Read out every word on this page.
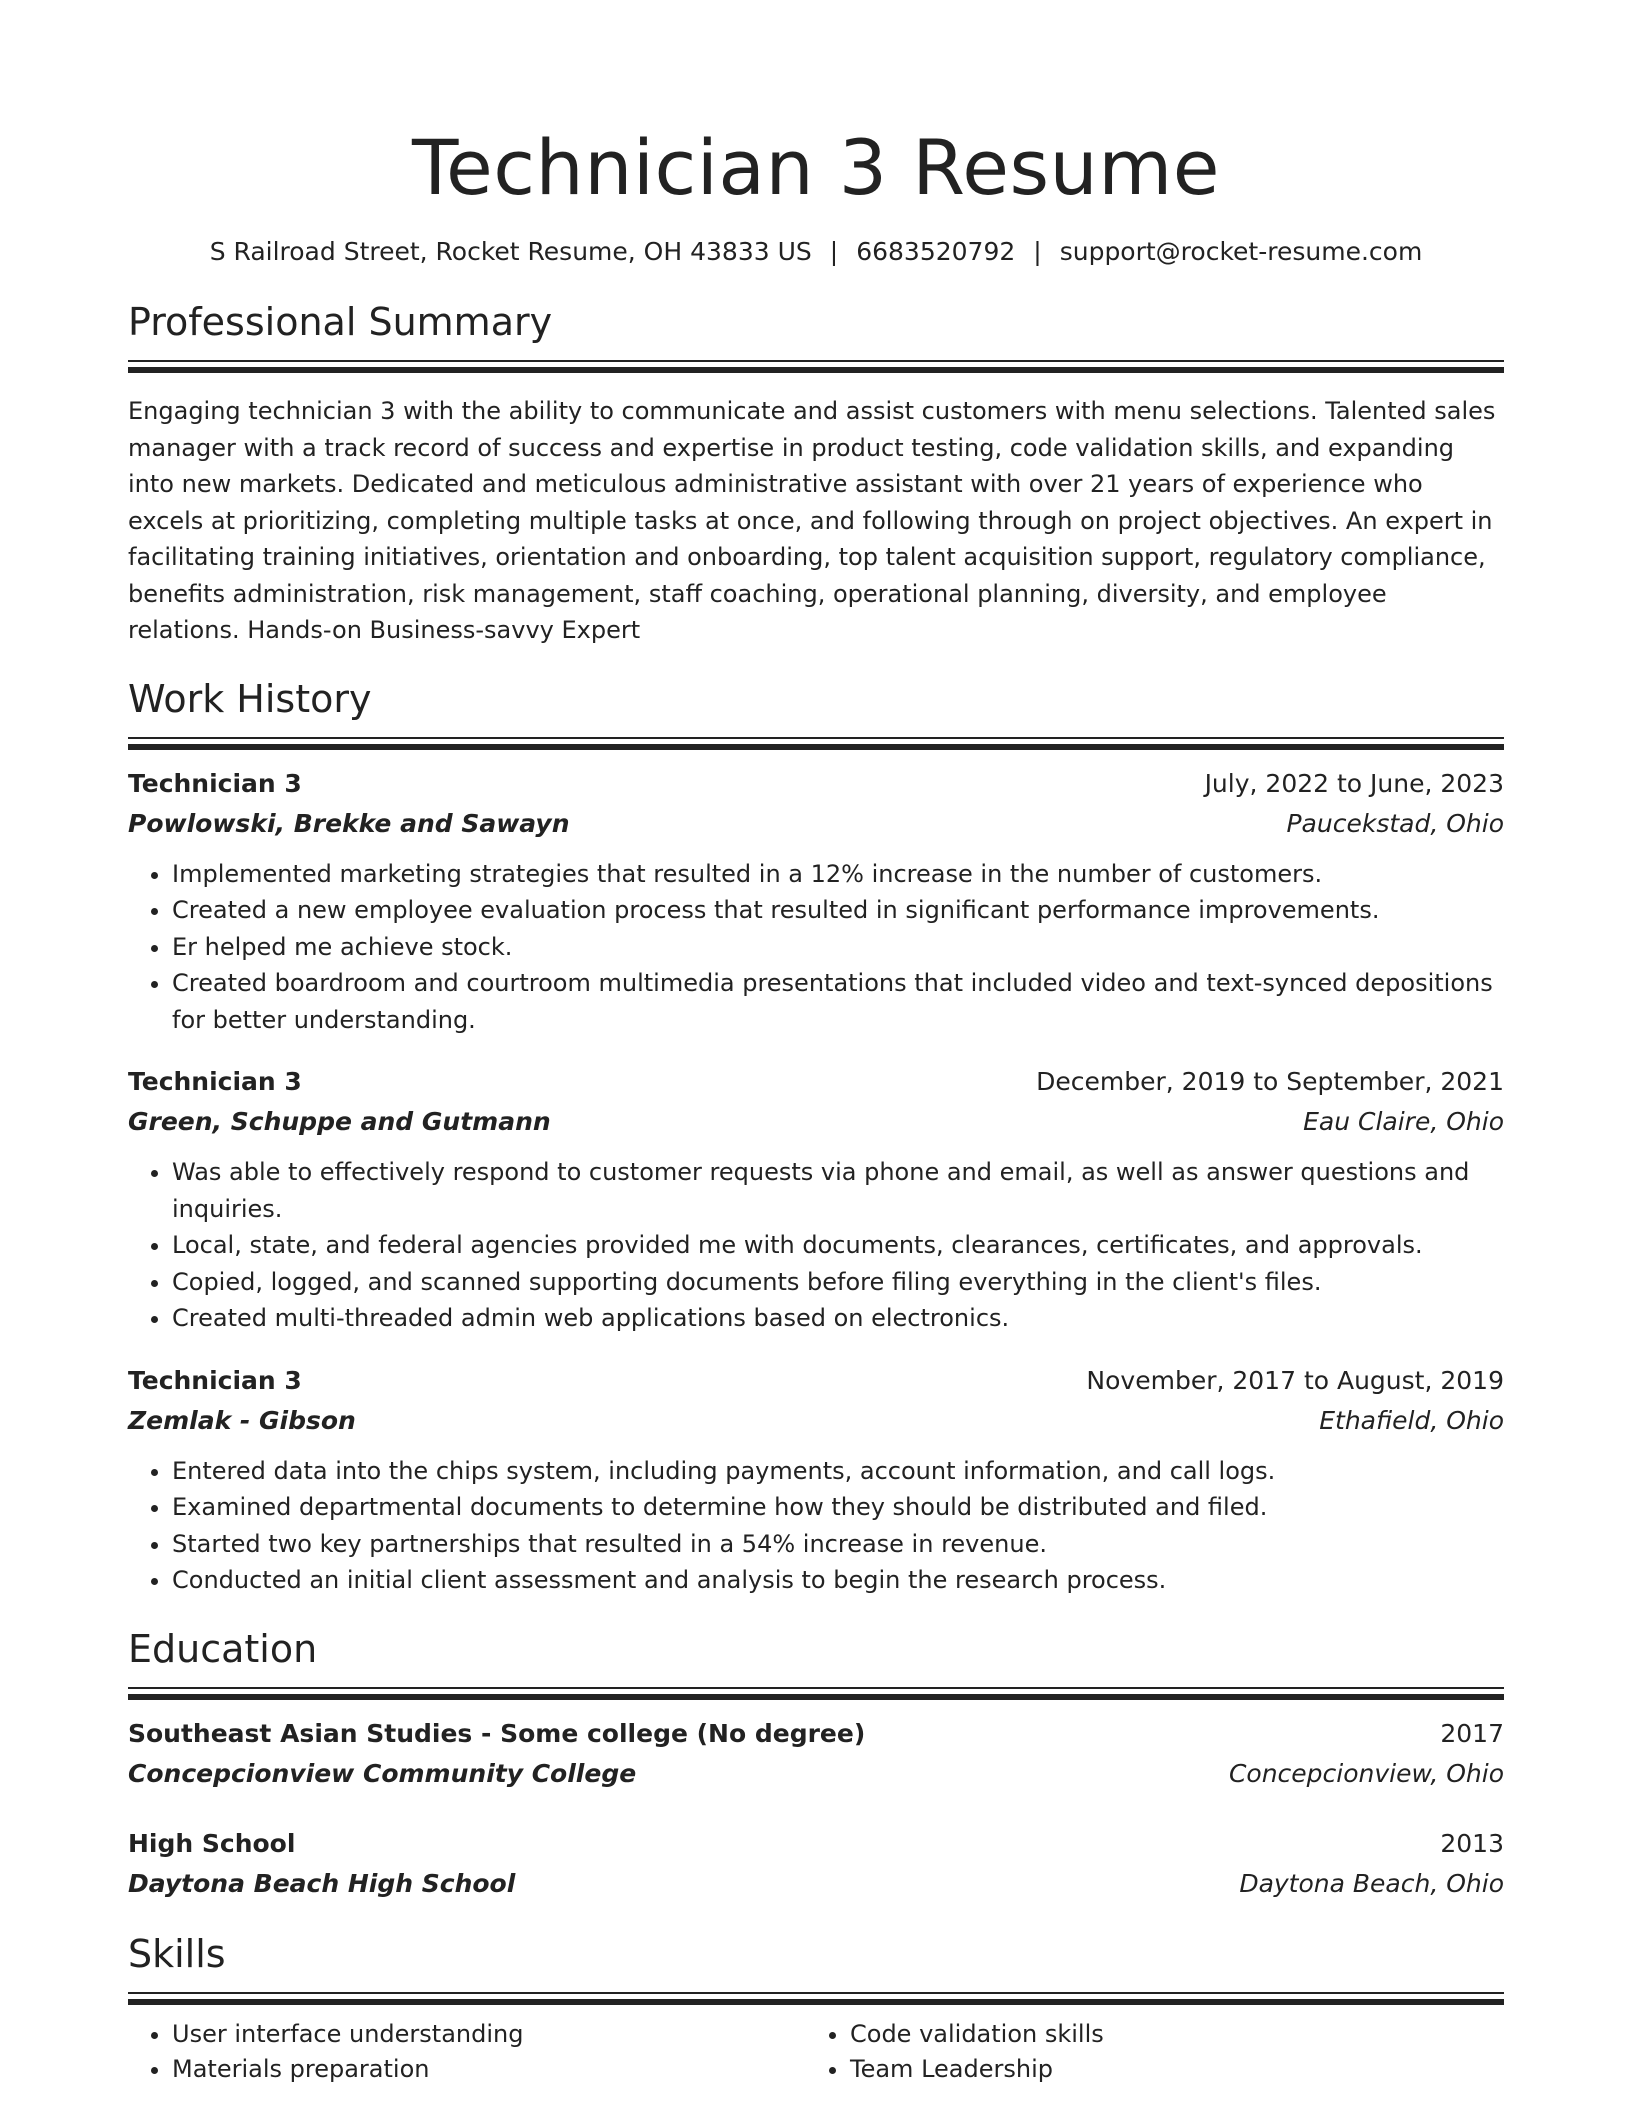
Technician 3 Resume
S Railroad Street, Rocket Resume, OH 43833 US | 6683520792 | support@rocket-resume.com
Professional Summary
Engaging technician 3 with the ability to communicate and assist customers with menu selections. Talented sales manager with a track record of success and expertise in product testing, code validation skills, and expanding into new markets. Dedicated and meticulous administrative assistant with over 21 years of experience who excels at prioritizing, completing multiple tasks at once, and following through on project objectives. An expert in facilitating training initiatives, orientation and onboarding, top talent acquisition support, regulatory compliance, benefits administration, risk management, staff coaching, operational planning, diversity, and employee relations. Hands-on Business-savvy Expert
Work History
Technician 3	July, 2022 to June, 2023
Powlowski, Brekke and Sawayn	Paucekstad, Ohio
• Implemented marketing strategies that resulted in a 12% increase in the number of customers.
• Created a new employee evaluation process that resulted in significant performance improvements.
• Er helped me achieve stock.
• Created boardroom and courtroom multimedia presentations that included video and text-synced depositions for better understanding.
Technician 3	December, 2019 to September, 2021
Green, Schuppe and Gutmann	Eau Claire, Ohio
• Was able to effectively respond to customer requests via phone and email, as well as answer questions and inquiries.
• Local, state, and federal agencies provided me with documents, clearances, certificates, and approvals.
• Copied, logged, and scanned supporting documents before filing everything in the client's files.
• Created multi-threaded admin web applications based on electronics.
Technician 3	November, 2017 to August, 2019
Zemlak - Gibson	Ethafield, Ohio
• Entered data into the chips system, including payments, account information, and call logs.
• Examined departmental documents to determine how they should be distributed and filed.
• Started two key partnerships that resulted in a 54% increase in revenue.
• Conducted an initial client assessment and analysis to begin the research process.
Education
Southeast Asian Studies - Some college (No degree)	2017
Concepcionview Community College	Concepcionview, Ohio
High School	2013
Daytona Beach High School	Daytona Beach, Ohio
Skills
• User interface understanding
• Materials preparation
• Code validation skills
• Team Leadership
